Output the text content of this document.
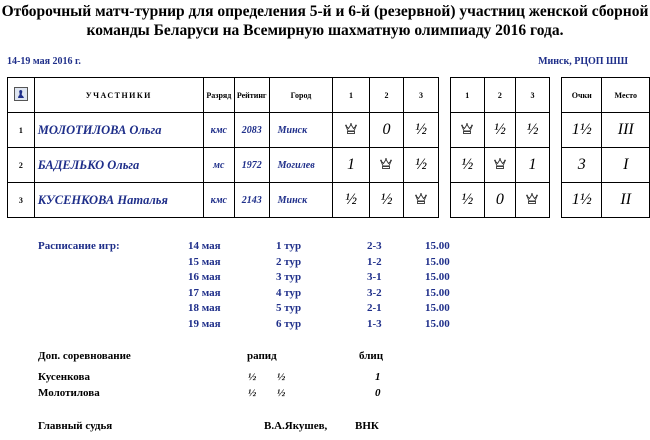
Отборочный матч-турнир для определения 5-й и 6-й (резервной) участниц женской сборной
команды Беларуси на Всемирную шахматную олимпиаду 2016 года.
14-19 мая 2016 г.	Минск, РЦОП ШШ
	УЧАСТНИКИ	Разряд	Рейтинг	Город	1	2	3		1	2	3		Очки	Место
1	МОЛОТИЛОВА Ольга	кмс	2083	Минск		0	½			½	½		1½	III
2	БАДЕЛЬКО Ольга	мс	1972	Могилев	1		½		½		1		3	I
3	КУСЕНКОВА Наталья	кмс	2143	Минск	½	½			½	0			1½	II
Расписание игр:	14 мая	1 тур	2-3	15.00
15 мая	2 тур	1-2	15.00
16 мая	3 тур	3-1	15.00
17 мая	4 тур	3-2	15.00
18 мая	5 тур	2-1	15.00
19 мая	6 тур	1-3	15.00
Доп. соревнование	рапид	блиц
Кусенкова	½ ½	1
Молотилова	½ ½	0
Главный судья	В.А.Якушев,	ВНК
